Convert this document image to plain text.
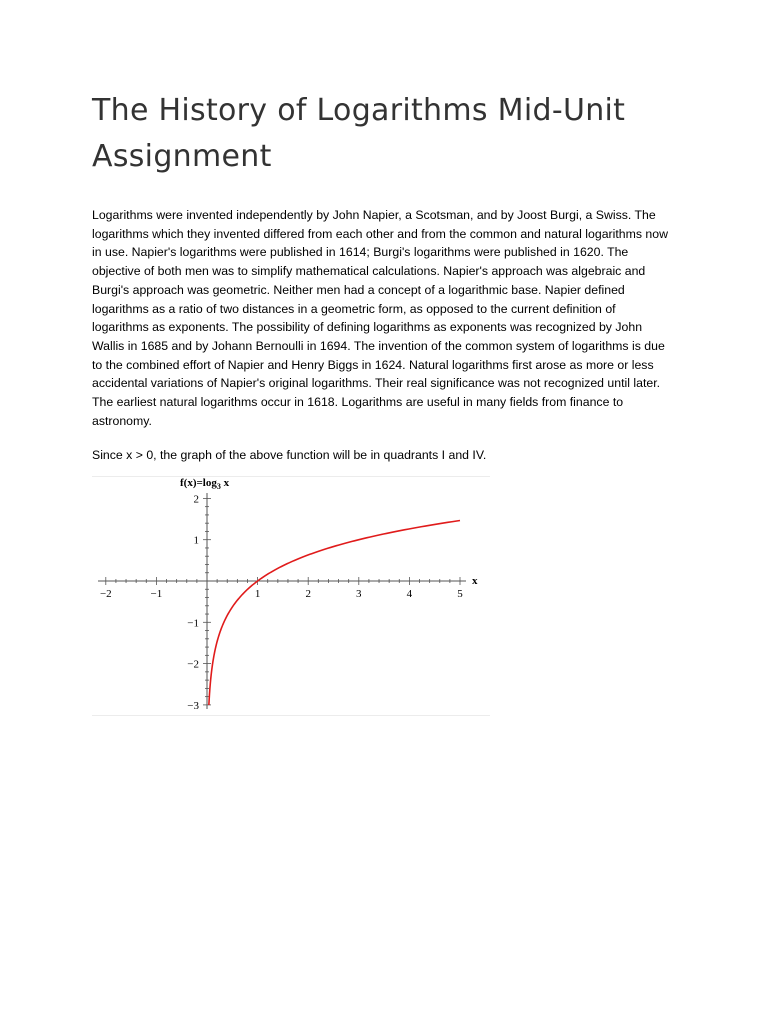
The History of Logarithms Mid-Unit Assignment

Logarithms were invented independently by John Napier, a Scotsman, and by Joost Burgi, a Swiss. The logarithms which they invented differed from each other and from the common and natural logarithms now in use. Napier's logarithms were published in 1614; Burgi's logarithms were published in 1620. The objective of both men was to simplify mathematical calculations. Napier's approach was algebraic and Burgi's approach was geometric. Neither men had a concept of a logarithmic base. Napier defined logarithms as a ratio of two distances in a geometric form, as opposed to the current definition of logarithms as exponents. The possibility of defining logarithms as exponents was recognized by John Wallis in 1685 and by Johann Bernoulli in 1694. The invention of the common system of logarithms is due to the combined effort of Napier and Henry Biggs in 1624. Natural logarithms first arose as more or less accidental variations of Napier's original logarithms. Their real significance was not recognized until later. The earliest natural logarithms occur in 1618. Logarithms are useful in many fields from finance to astronomy.

Since x > 0, the graph of the above function will be in quadrants I and IV.

−2	−1	1	2	3	4	5
2
1
−1
−2
−3
$f(x)=\log_3$ x
x
